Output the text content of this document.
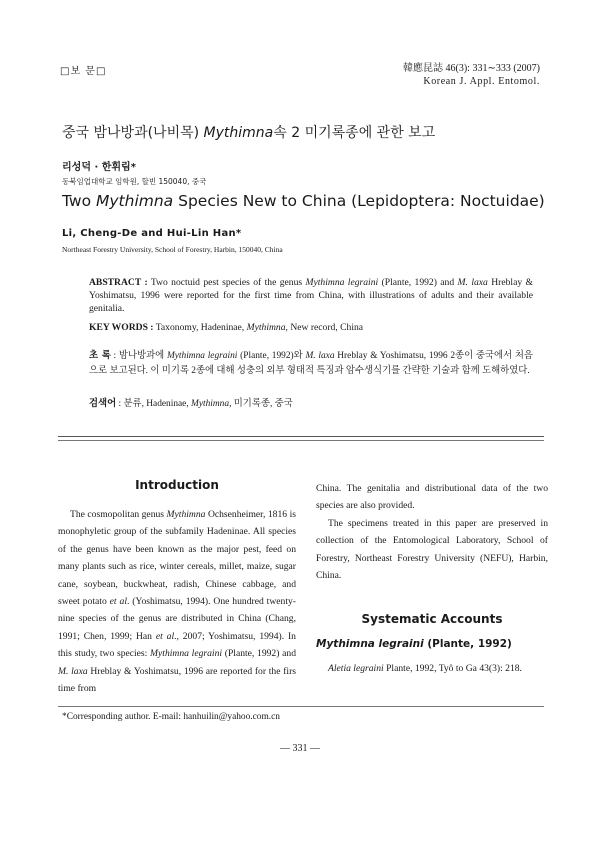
□보 문□	韓應昆誌 46(3): 331∼333 (2007)
Korean J. Appl. Entomol.
중국 밤나방과(나비목) Mythimna속 2 미기록종에 관한 보고
리성덕 · 한휘림*
동북임업대학교 임학원, 할빈 150040, 중국
Two Mythimna Species New to China (Lepidoptera: Noctuidae)
Li, Cheng-De and Hui-Lin Han*
Northeast Forestry University, School of Forestry, Harbin, 150040, China
ABSTRACT : Two noctuid pest species of the genus Mythimna legraini (Plante, 1992) and M. laxa Hreblay & Yoshimatsu, 1996 were reported for the first time from China, with illustrations of adults and their available genitalia.
KEY WORDS : Taxonomy, Hadeninae, Mythimna, New record, China
초 록 : 밤나방과에 Mythimna legraini (Plante, 1992)와 M. laxa Hreblay & Yoshimatsu, 1996 2종이 중국에서 처음으로 보고된다. 이 미기록 2종에 대해 성충의 외부 형태적 특징과 암수생식기를 간략한 기술과 함께 도해하였다.
검색어 : 분류, Hadeninae, Mythimna, 미기록종, 중국
Introduction

The cosmopolitan genus Mythimna Ochsenheimer, 1816 is monophyletic group of the subfamily Hadeninae. All species of the genus have been known as the major pest, feed on many plants such as rice, winter cereals, millet, maize, sugar cane, soybean, buckwheat, radish, Chinese cabbage, and sweet potato et al. (Yoshimatsu, 1994). One hundred twenty-nine species of the genus are distributed in China (Chang, 1991; Chen, 1999; Han et al., 2007; Yoshimatsu, 1994). In this study, two species: Mythimna legraini (Plante, 1992) and M. laxa Hreblay & Yoshimatsu, 1996 are reported for the firs time from

China. The genitalia and distributional data of the two species are also provided.

The specimens treated in this paper are preserved in collection of the Entomological Laboratory, School of Forestry, Northeast Forestry University (NEFU), Harbin, China.

Systematic Accounts

Mythimna legraini (Plante, 1992)

Aletia legraini Plante, 1992, Tyô to Ga 43(3): 218.

*Corresponding author. E-mail: hanhuilin@yahoo.com.cn
— 331 —
